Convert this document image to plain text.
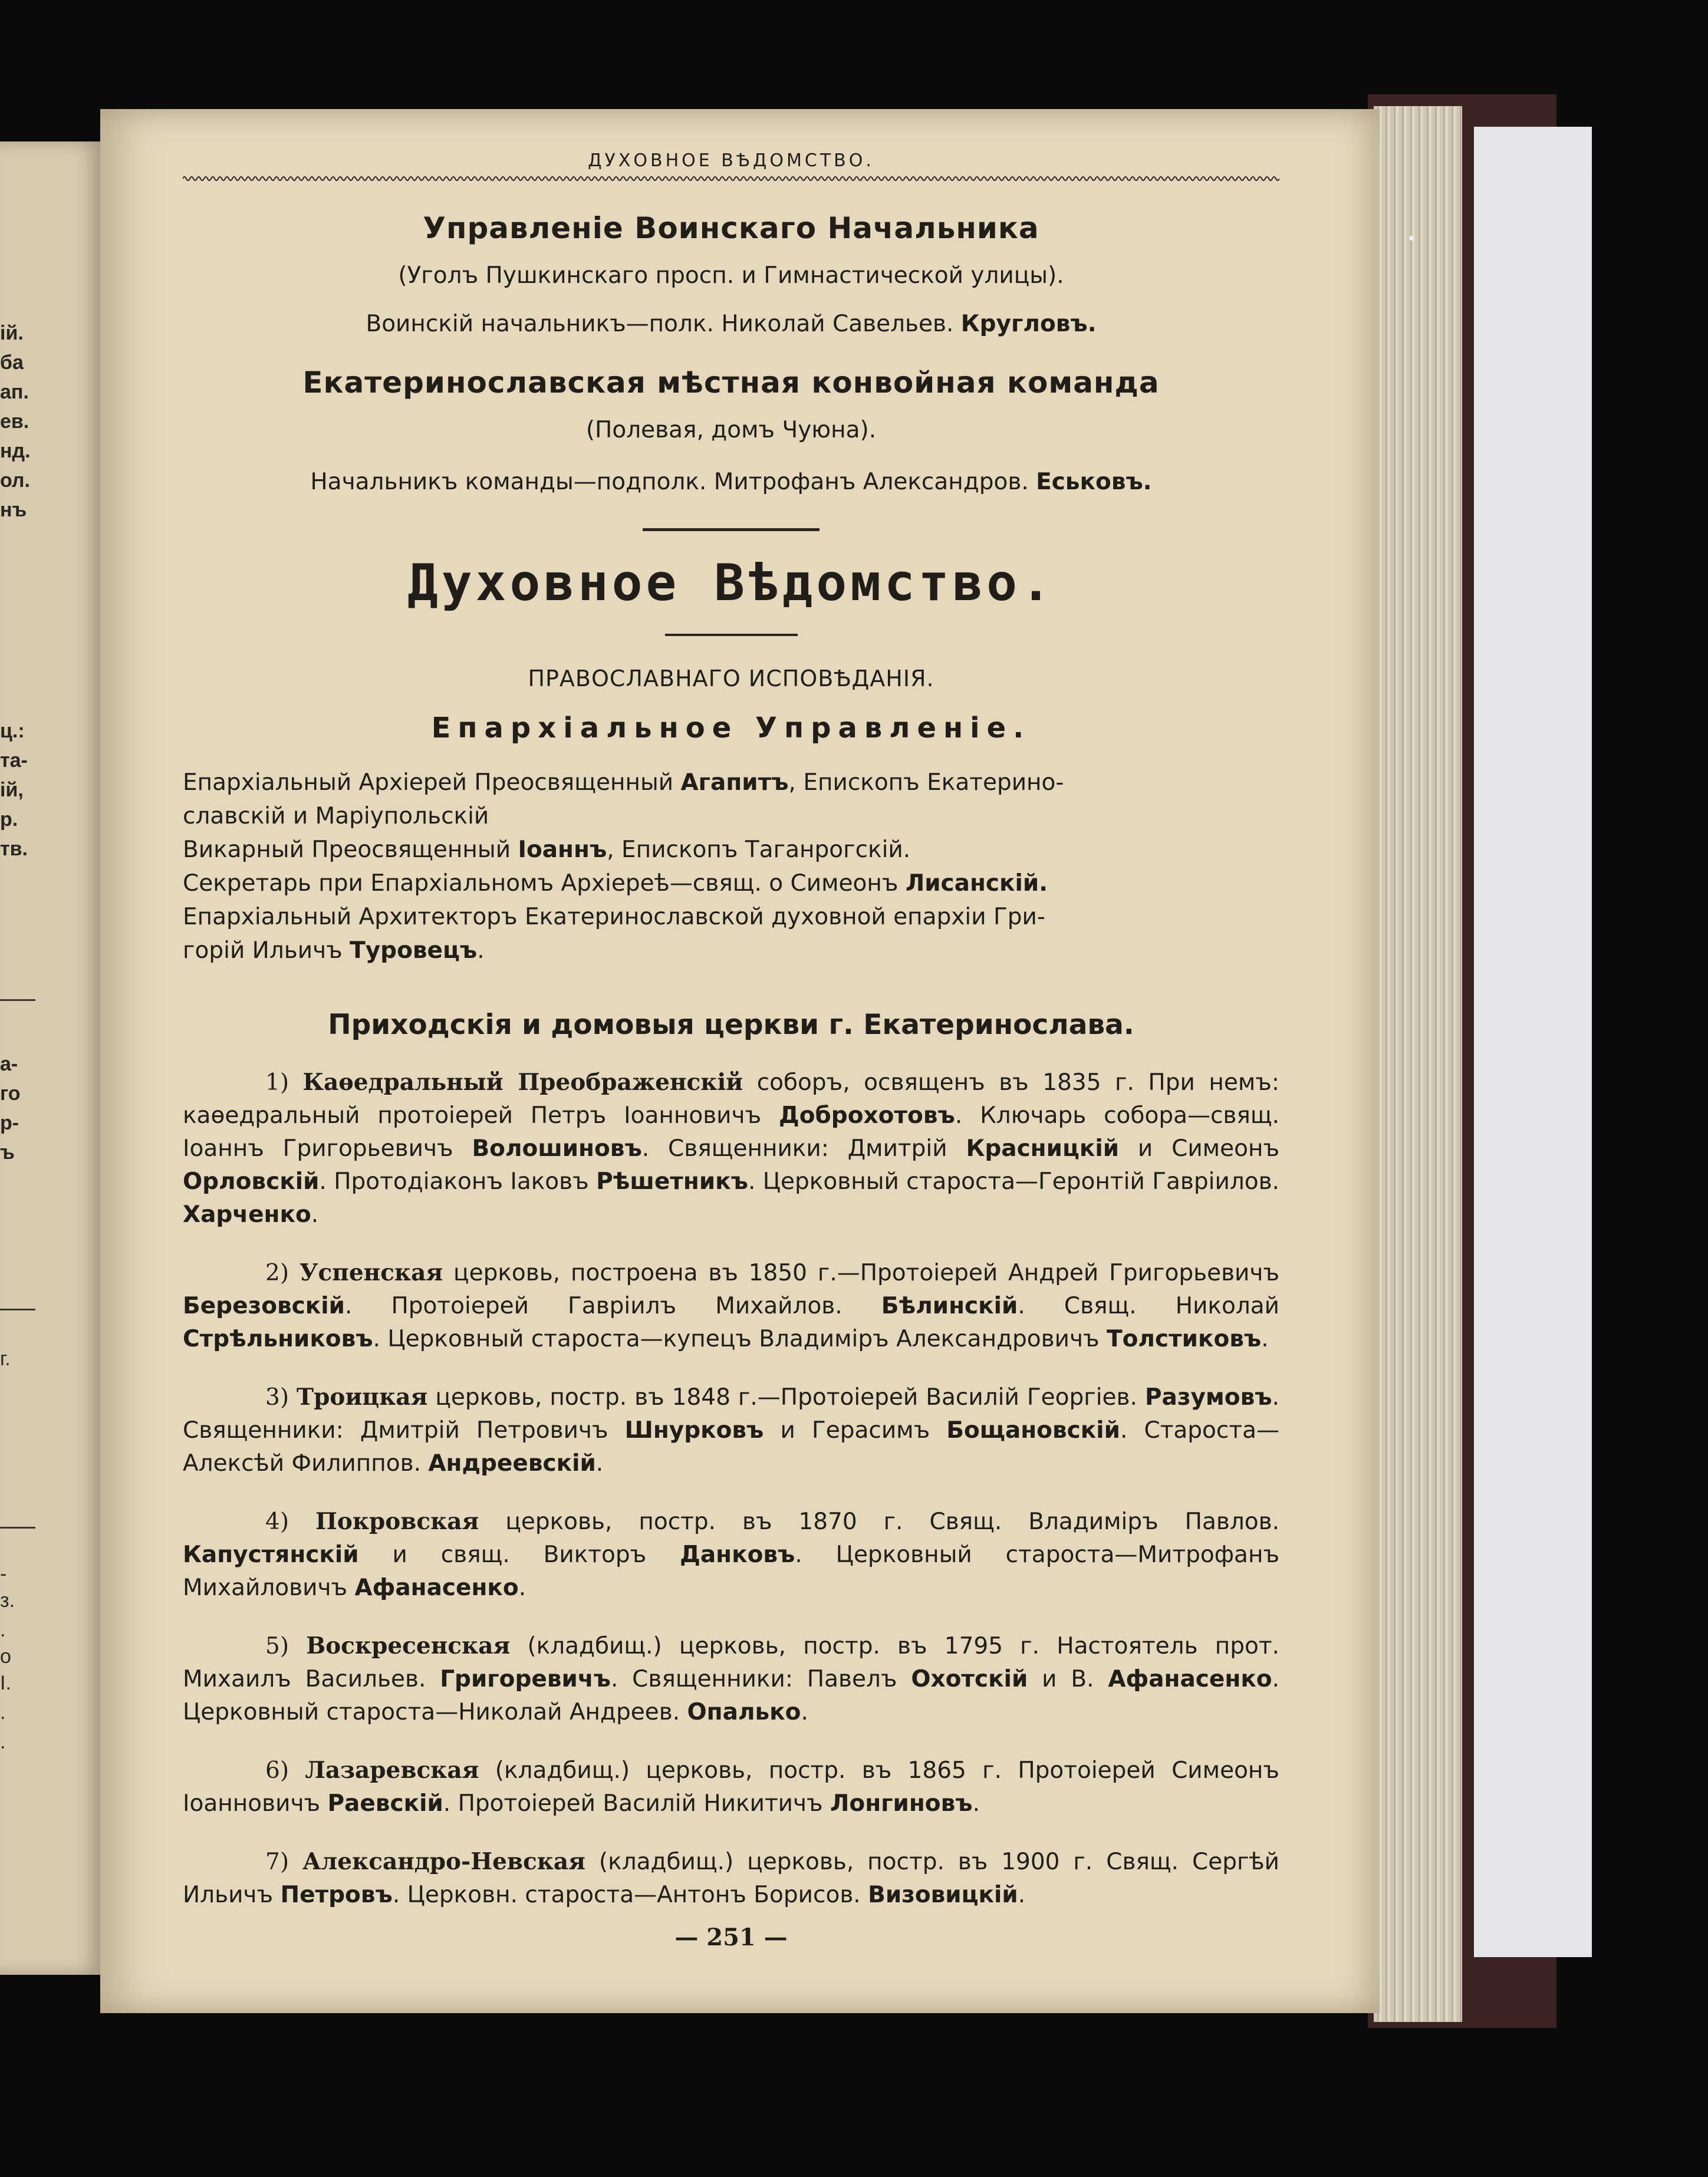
ій.
ба
ап.
ев.
нд.
ол.
нъ
ц.:
та-
ій,
р.
тв.
а-
го
р-
ъ
г.
-
з.
.
о
I.
.
.
ДУХОВНОЕ ВѢДОМСТВО.
Управленіе Воинскаго Начальника
(Уголъ Пушкинскаго просп. и Гимнастической улицы).
Воинскій начальникъ—полк. Николай Савельев. Кругловъ.
Екатеринославская мѣстная конвойная команда
(Полевая, домъ Чуюна).
Начальникъ команды—подполк. Митрофанъ Александров. Еськовъ.
Духовное Вѣдомство.
ПРАВОСЛАВНАГО ИСПОВѢДАНІЯ.
Епархіальное Управленіе.

Епархіальный Архіерей Преосвященный Агапитъ, Епископъ Екатерино-

славскій и Маріупольскій

Викарный Преосвященный Іоаннъ, Епископъ Таганрогскій.

Секретарь при Епархіальномъ Архіереѣ—свящ. о Симеонъ Лисанскій.

Епархіальный Архитекторъ Екатеринославской духовной епархіи Гри-

горій Ильичъ Туровецъ.

Приходскія и домовыя церкви г. Екатеринослава.
1) Каѳедральный Преображенскій соборъ, освященъ въ 1835 г. При немъ: каѳедральный протоіерей Петръ Іоанновичъ Доброхотовъ. Ключарь собора—свящ. Іоаннъ Григорьевичъ Волошиновъ. Священники: Дмитрій Красницкій и Симеонъ Орловскій. Протодіаконъ Іаковъ Рѣшетникъ. Церковный староста—Геронтій Гавріилов. Харченко.
2) Успенская церковь, построена въ 1850 г.—Протоіерей Андрей Григорьевичъ Березовскій. Протоіерей Гавріилъ Михайлов. Бѣлинскій. Свящ. Николай Стрѣльниковъ. Церковный староста—купецъ Владиміръ Александровичъ Толстиковъ.
3) Троицкая церковь, постр. въ 1848 г.—Протоіерей Василій Георгіев. Разумовъ. Священники: Дмитрій Петровичъ Шнурковъ и Герасимъ Бощановскій. Староста—Алексѣй Филиппов. Андреевскій.
4) Покровская церковь, постр. въ 1870 г. Свящ. Владиміръ Павлов. Капустянскій и свящ. Викторъ Данковъ. Церковный староста—Митрофанъ Михайловичъ Афанасенко.
5) Воскресенская (кладбищ.) церковь, постр. въ 1795 г. Настоятель прот. Михаилъ Васильев. Григоревичъ. Священники: Павелъ Охотскій и В. Афанасенко. Церковный староста—Николай Андреев. Опалько.
6) Лазаревская (кладбищ.) церковь, постр. въ 1865 г. Протоіерей Симеонъ Іоанновичъ Раевскій. Протоіерей Василій Никитичъ Лонгиновъ.
7) Александро-Невская (кладбищ.) церковь, постр. въ 1900 г. Свящ. Сергѣй Ильичъ Петровъ. Церковн. староста—Антонъ Борисов. Визовицкій.
— 251 —
